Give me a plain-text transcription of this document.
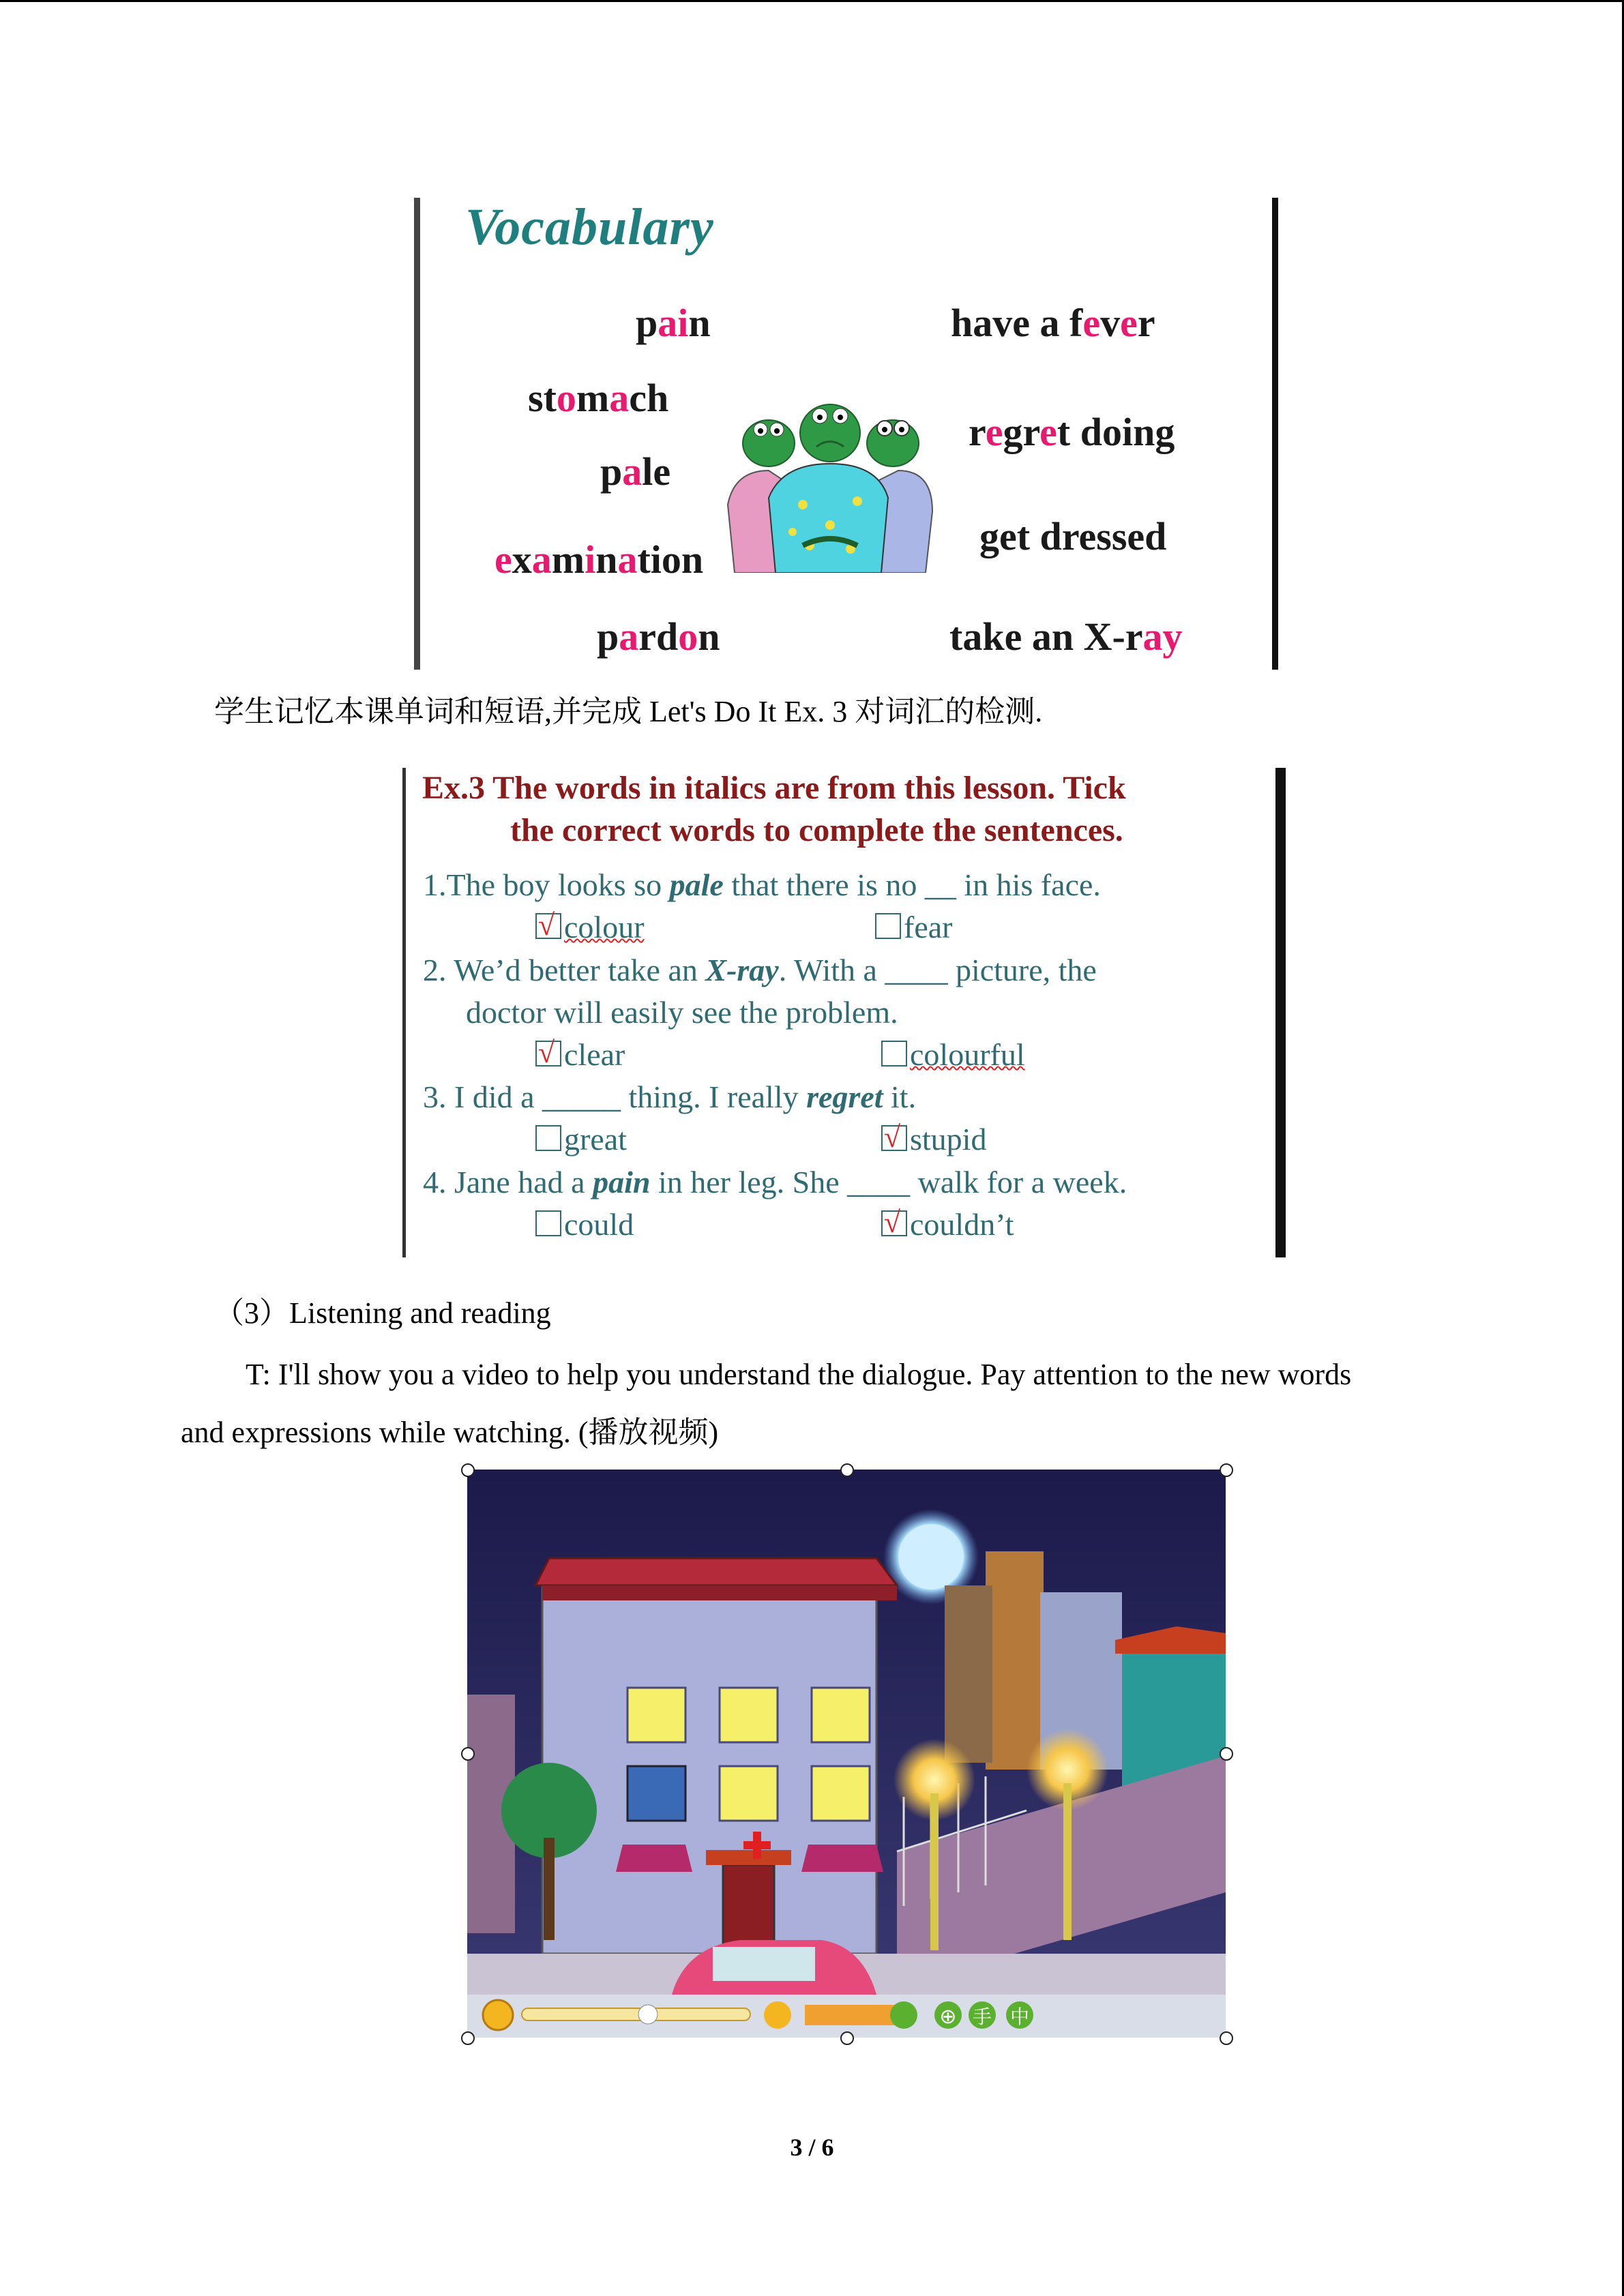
Vocabulary
pain
stomach
pale
examination
pardon
have a fever
regret doing
get dressed
take an X-ray
学生记忆本课单词和短语,并完成 Let's Do It Ex. 3 对词汇的检测.
Ex.3 The words in italics are from this lesson. Tick
the correct words to complete the sentences.
1.The boy looks so pale that there is no __ in his face.
√ colour	fear
2. We’d better take an X-ray. With a ____ picture, the
doctor will easily see the problem.
√ clear	colourful
3. I did a _____ thing. I really regret it.
great	√ stupid
4. Jane had a pain in her leg. She ____ walk for a week.
could	√ couldn’t
（3）Listening and reading
T: I'll show you a video to help you understand the dialogue. Pay attention to the new words
and expressions while watching. (播放视频)
⊕ 手 中
3 / 6
